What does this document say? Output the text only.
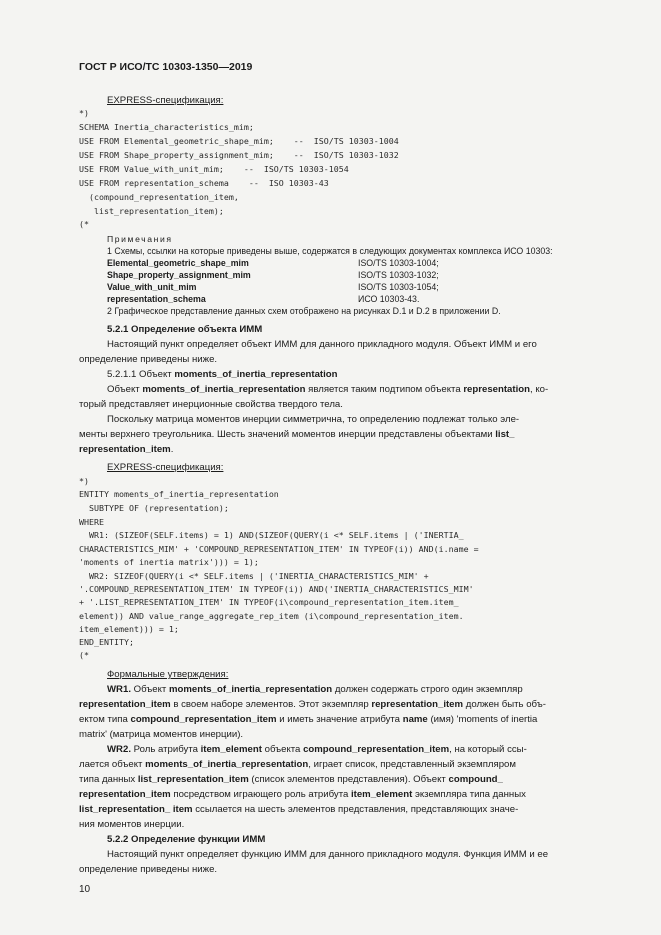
ГОСТ Р ИСО/ТС 10303-1350—2019
EXPRESS-спецификация:
*)
SCHEMA Inertia_characteristics_mim;
USE FROM Elemental_geometric_shape_mim;    --  ISO/TS 10303-1004
USE FROM Shape_property_assignment_mim;    --  ISO/TS 10303-1032
USE FROM Value_with_unit_mim;    --  ISO/TS 10303-1054
USE FROM representation_schema    --  ISO 10303-43
(compound_representation_item,
list_representation_item);
(*
Примечания
1 Схемы, ссылки на которые приведены выше, содержатся в следующих документах комплекса ИСО 10303:
Elemental_geometric_shape_mim	ISO/TS 10303-1004;
Shape_property_assignment_mim	ISO/TS 10303-1032;
Value_with_unit_mim	ISO/TS 10303-1054;
representation_schema	ИСО 10303-43.
2 Графическое представление данных схем отображено на рисунках D.1 и D.2 в приложении D.
5.2.1 Определение объекта ИММ
Настоящий пункт определяет объект ИММ для данного прикладного модуля. Объект ИММ и его
определение приведены ниже.
5.2.1.1 Объект moments_of_inertia_representation
Объект moments_of_inertia_representation является таким подтипом объекта representation, ко-
торый представляет инерционные свойства твердого тела.
Поскольку матрица моментов инерции симметрична, то определению подлежат только эле-
менты верхнего треугольника. Шесть значений моментов инерции представлены объектами list_
representation_item.
EXPRESS-спецификация:
*)
ENTITY moments_of_inertia_representation
SUBTYPE OF (representation);
WHERE
WR1: (SIZEOF(SELF.items) = 1) AND(SIZEOF(QUERY(i <* SELF.items | ('INERTIA_
CHARACTERISTICS_MIM' + 'COMPOUND_REPRESENTATION_ITEM' IN TYPEOF(i)) AND(i.name =
'moments of inertia matrix'))) = 1);
WR2: SIZEOF(QUERY(i <* SELF.items | ('INERTIA_CHARACTERISTICS_MIM' +
'.COMPOUND_REPRESENTATION_ITEM' IN TYPEOF(i)) AND('INERTIA_CHARACTERISTICS_MIM'
+ '.LIST_REPRESENTATION_ITEM' IN TYPEOF(i\compound_representation_item.item_
element)) AND value_range_aggregate_rep_item (i\compound_representation_item.
item_element))) = 1;
END_ENTITY;
(*
Формальные утверждения:
WR1. Объект moments_of_inertia_representation должен содержать строго один экземпляр
representation_item в своем наборе элементов. Этот экземпляр representation_item должен быть объ-
ектом типа compound_representation_item и иметь значение атрибута name (имя) 'moments of inertia
matrix' (матрица моментов инерции).
WR2. Роль атрибута item_element объекта compound_representation_item, на который ссы-
лается объект moments_of_inertia_representation, играет список, представленный экземпляром
типа данных list_representation_item (список элементов представления). Объект compound_
representation_item посредством играющего роль атрибута item_element экземпляра типа данных
list_representation_ item ссылается на шесть элементов представления, представляющих значе-
ния моментов инерции.
5.2.2 Определение функции ИММ
Настоящий пункт определяет функцию ИММ для данного прикладного модуля. Функция ИММ и ее
определение приведены ниже.
10
